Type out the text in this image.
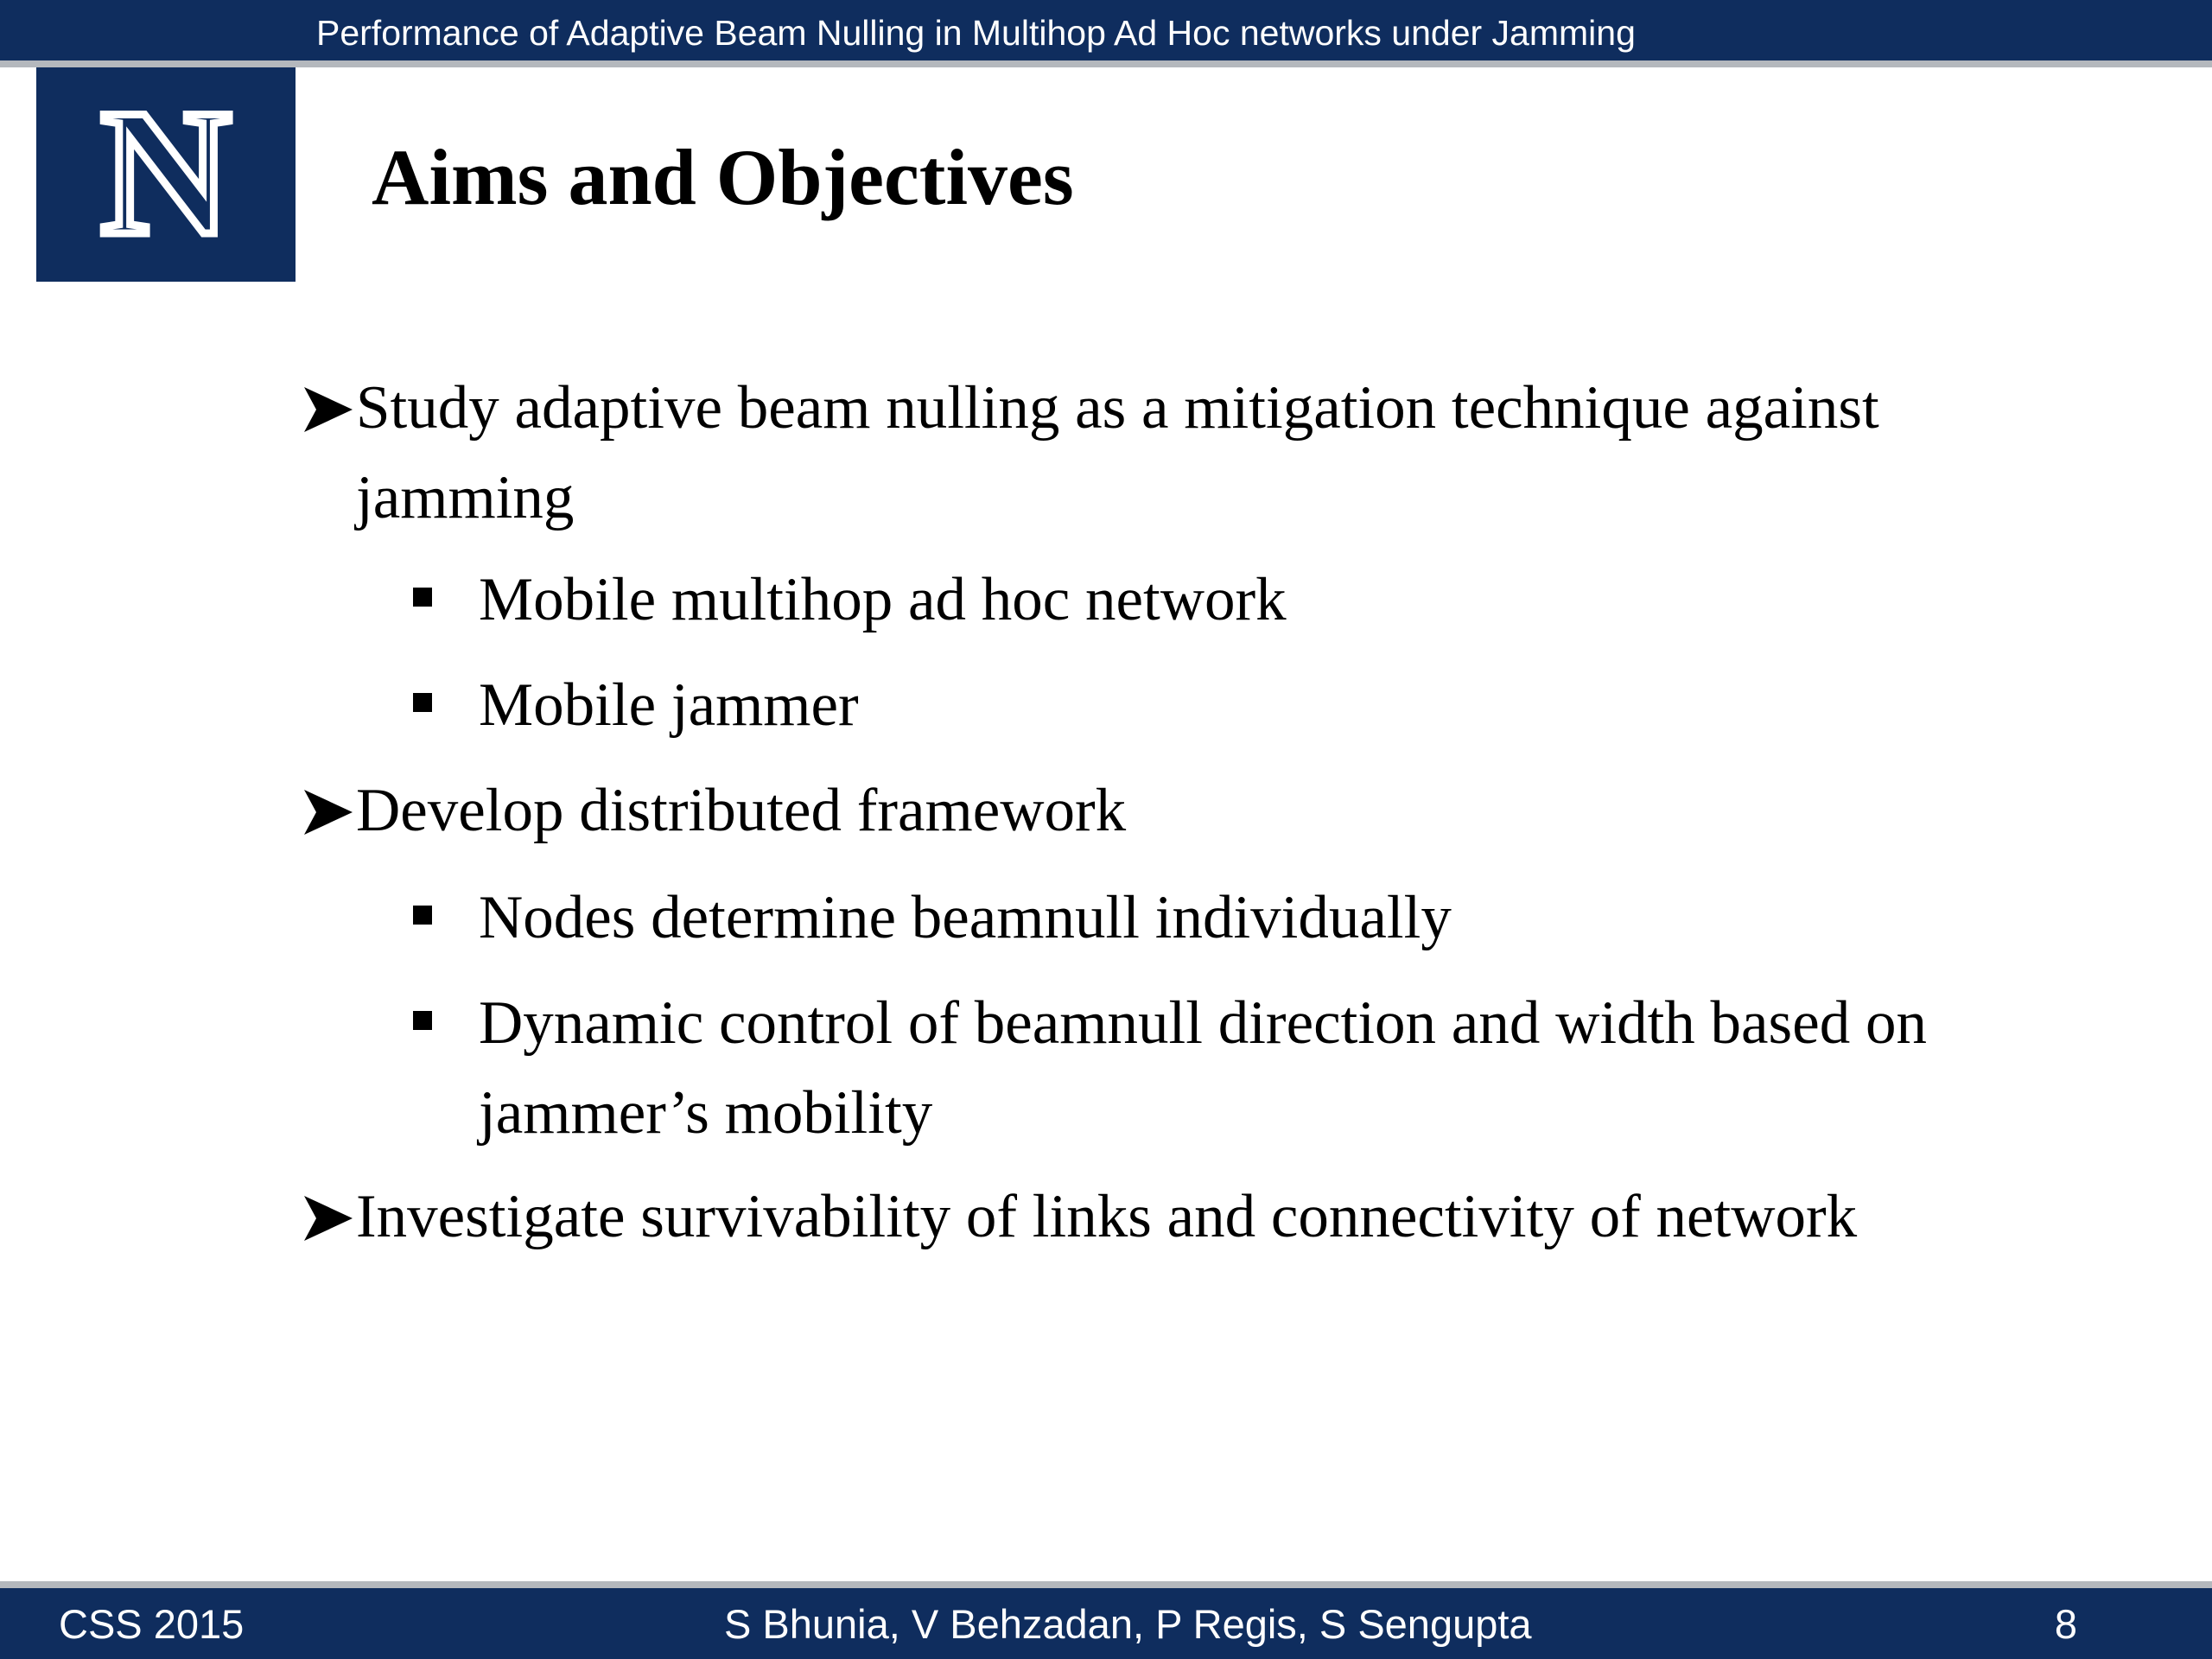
Performance of Adaptive Beam Nulling in Multihop Ad Hoc networks under Jamming
N Aims and Objectives
Study adaptive beam nulling as a mitigation technique against jamming
Mobile multihop ad hoc network
Mobile jammer
Develop distributed framework
Nodes determine beamnull individually
Dynamic control of beamnull direction and width based on jammer’s mobility
Investigate survivability of links and connectivity of network
CSS 2015	S Bhunia, V Behzadan, P Regis, S Sengupta	8
